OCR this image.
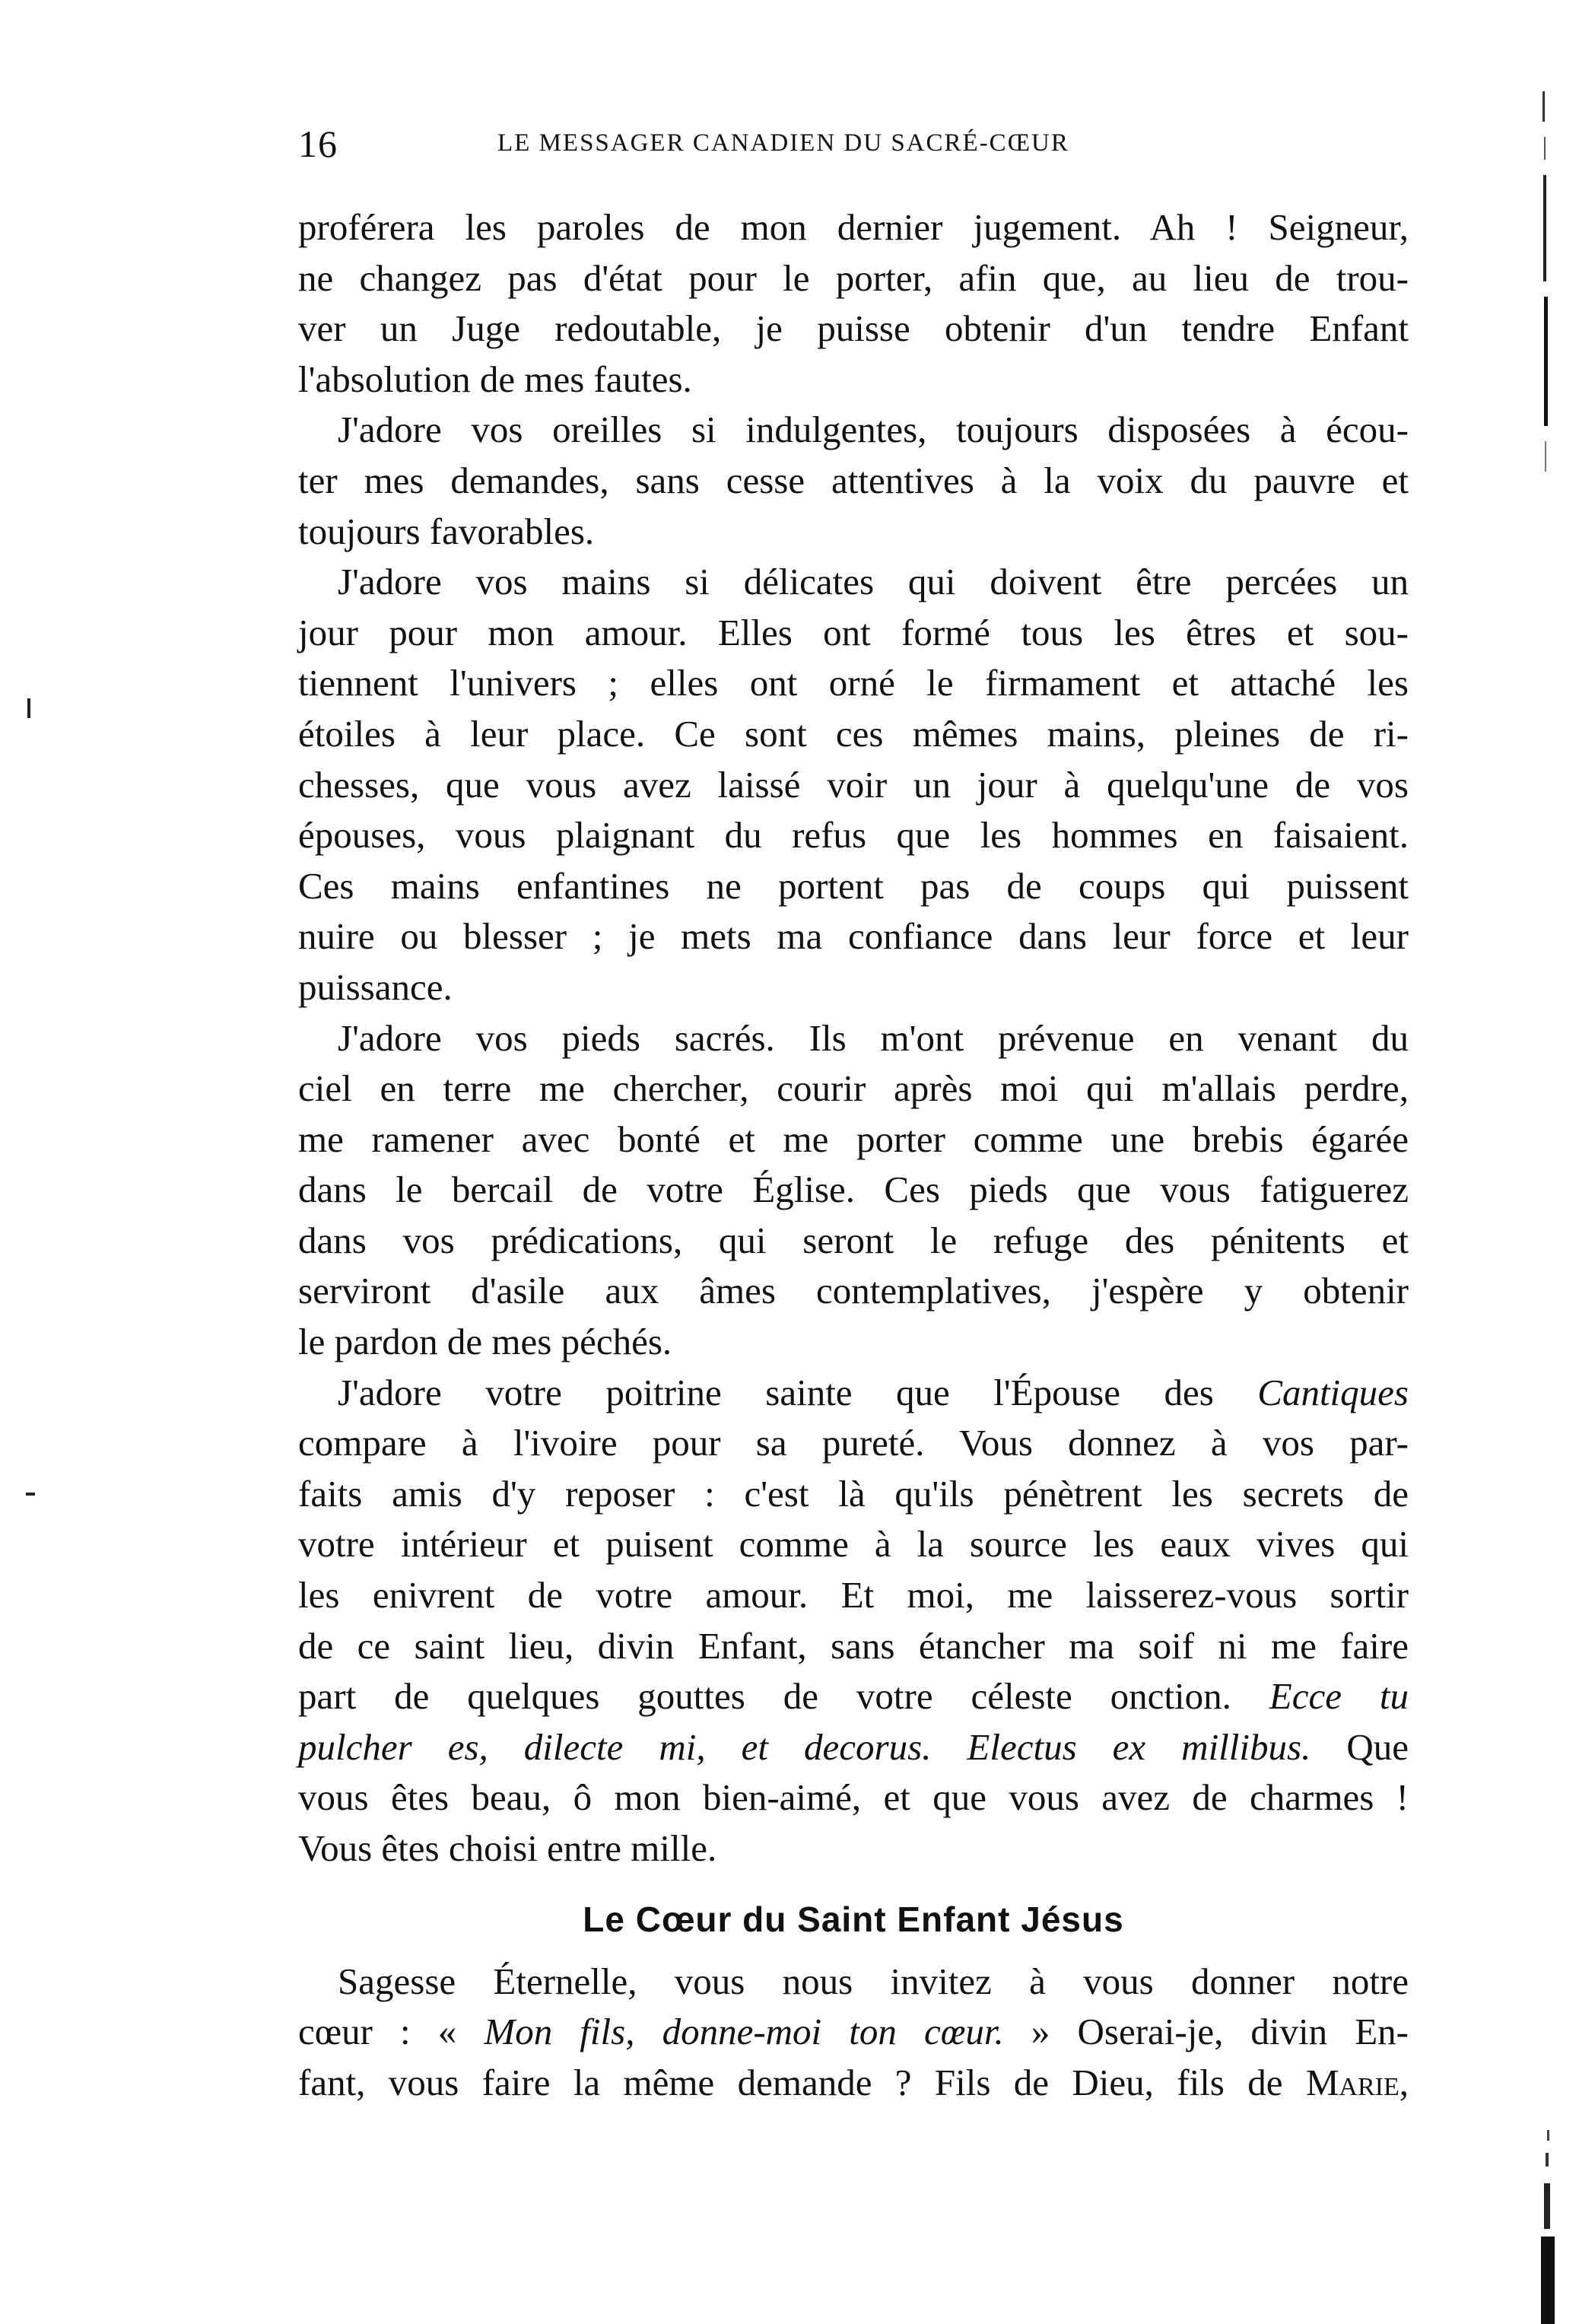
16	LE MESSAGER CANADIEN DU SACRÉ-CŒUR
proférera les paroles de mon dernier jugement. Ah ! Seigneur,
ne changez pas d'état pour le porter, afin que, au lieu de trou-
ver un Juge redoutable, je puisse obtenir d'un tendre Enfant
l'absolution de mes fautes.
J'adore vos oreilles si indulgentes, toujours disposées à écou-
ter mes demandes, sans cesse attentives à la voix du pauvre et
toujours favorables.
J'adore vos mains si délicates qui doivent être percées un
jour pour mon amour. Elles ont formé tous les êtres et sou-
tiennent l'univers ; elles ont orné le firmament et attaché les
étoiles à leur place. Ce sont ces mêmes mains, pleines de ri-
chesses, que vous avez laissé voir un jour à quelqu'une de vos
épouses, vous plaignant du refus que les hommes en faisaient.
Ces mains enfantines ne portent pas de coups qui puissent
nuire ou blesser ; je mets ma confiance dans leur force et leur
puissance.
J'adore vos pieds sacrés. Ils m'ont prévenue en venant du
ciel en terre me chercher, courir après moi qui m'allais perdre,
me ramener avec bonté et me porter comme une brebis égarée
dans le bercail de votre Église. Ces pieds que vous fatiguerez
dans vos prédications, qui seront le refuge des pénitents et
serviront d'asile aux âmes contemplatives, j'espère y obtenir
le pardon de mes péchés.
J'adore votre poitrine sainte que l'Épouse des Cantiques
compare à l'ivoire pour sa pureté. Vous donnez à vos par-
faits amis d'y reposer : c'est là qu'ils pénètrent les secrets de
votre intérieur et puisent comme à la source les eaux vives qui
les enivrent de votre amour. Et moi, me laisserez-vous sortir
de ce saint lieu, divin Enfant, sans étancher ma soif ni me faire
part de quelques gouttes de votre céleste onction. Ecce tu
pulcher es, dilecte mi, et decorus. Electus ex millibus. Que
vous êtes beau, ô mon bien-aimé, et que vous avez de charmes !
Vous êtes choisi entre mille.
Le Cœur du Saint Enfant Jésus
Sagesse Éternelle, vous nous invitez à vous donner notre
cœur : « Mon fils, donne-moi ton cœur. » Oserai-je, divin En-
fant, vous faire la même demande ? Fils de Dieu, fils de Marie,
